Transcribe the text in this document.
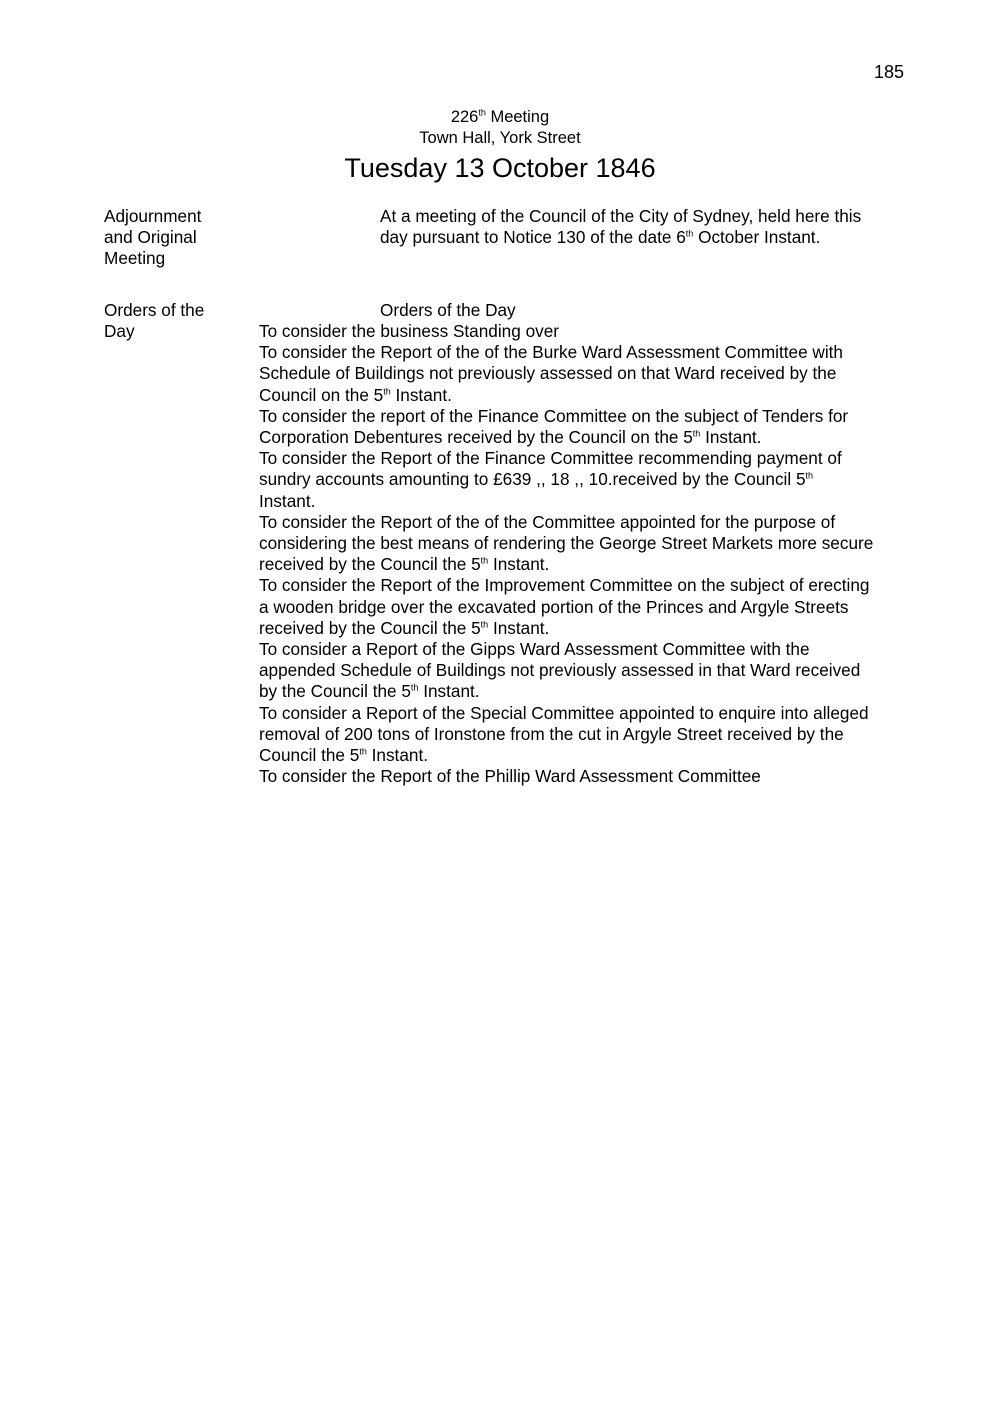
185
226th Meeting
Town Hall, York Street
Tuesday 13 October 1846
Adjournment
and Original
Meeting
At a meeting of the Council of the City of Sydney, held here this
day pursuant to Notice 130 of the date 6th October Instant.
Orders of the
Day
Orders of the Day
To consider the business Standing over
To consider the Report of the of the Burke Ward Assessment Committee with
Schedule of Buildings not previously assessed on that Ward received by the
Council on the 5th Instant.
To consider the report of the Finance Committee on the subject of Tenders for
Corporation Debentures received by the Council on the 5th Instant.
To consider the Report of the Finance Committee recommending payment of
sundry accounts amounting to £639 ,, 18 ,, 10.received by the Council 5th
Instant.
To consider the Report of the of the Committee appointed for the purpose of
considering the best means of rendering the George Street Markets more secure
received by the Council the 5th Instant.
To consider the Report of the Improvement Committee on the subject of erecting
a wooden bridge over the excavated portion of the Princes and Argyle Streets
received by the Council the 5th Instant.
To consider a Report of the Gipps Ward Assessment Committee with the
appended Schedule of Buildings not previously assessed in that Ward received
by the Council the 5th Instant.
To consider a Report of the Special Committee appointed to enquire into alleged
removal of 200 tons of Ironstone from the cut in Argyle Street received by the
Council the 5th Instant.
To consider the Report of the Phillip Ward Assessment Committee
